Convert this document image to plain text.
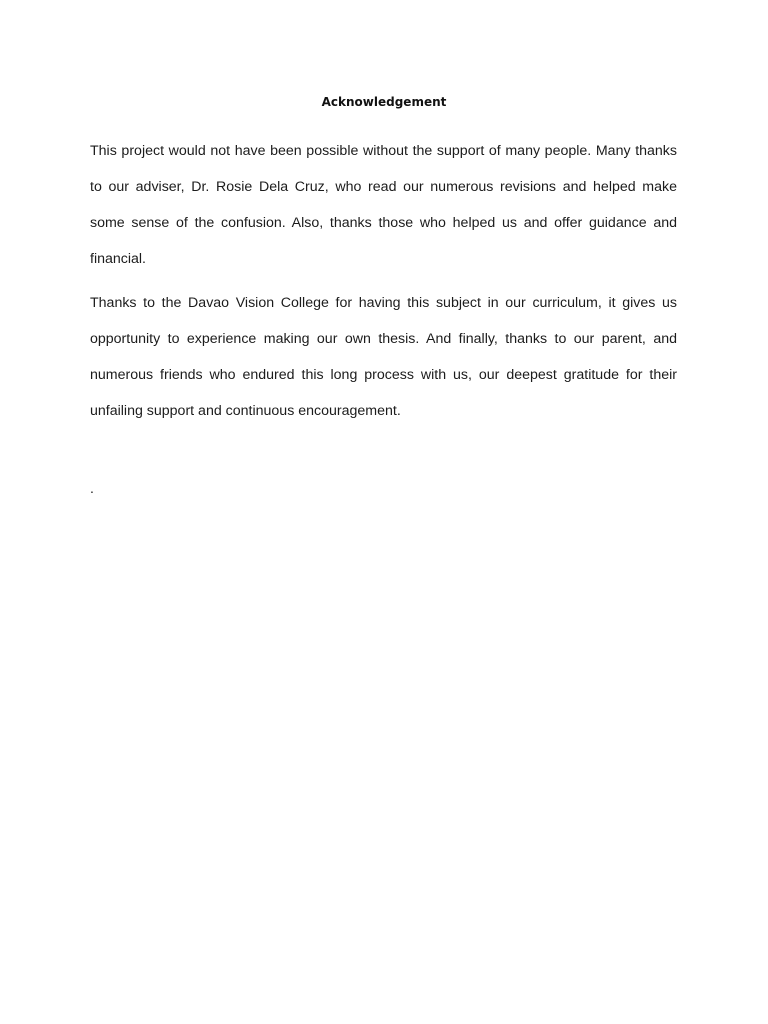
Acknowledgement

This project would not have been possible without the support of many people. Many thanks to our adviser, Dr. Rosie Dela Cruz, who read our numerous revisions and helped make some sense of the confusion. Also, thanks those who helped us and offer guidance and financial.

Thanks to the Davao Vision College for having this subject in our curriculum, it gives us opportunity to experience making our own thesis. And finally, thanks to our parent, and numerous friends who endured this long process with us, our deepest gratitude for their unfailing support and continuous encouragement.

.
